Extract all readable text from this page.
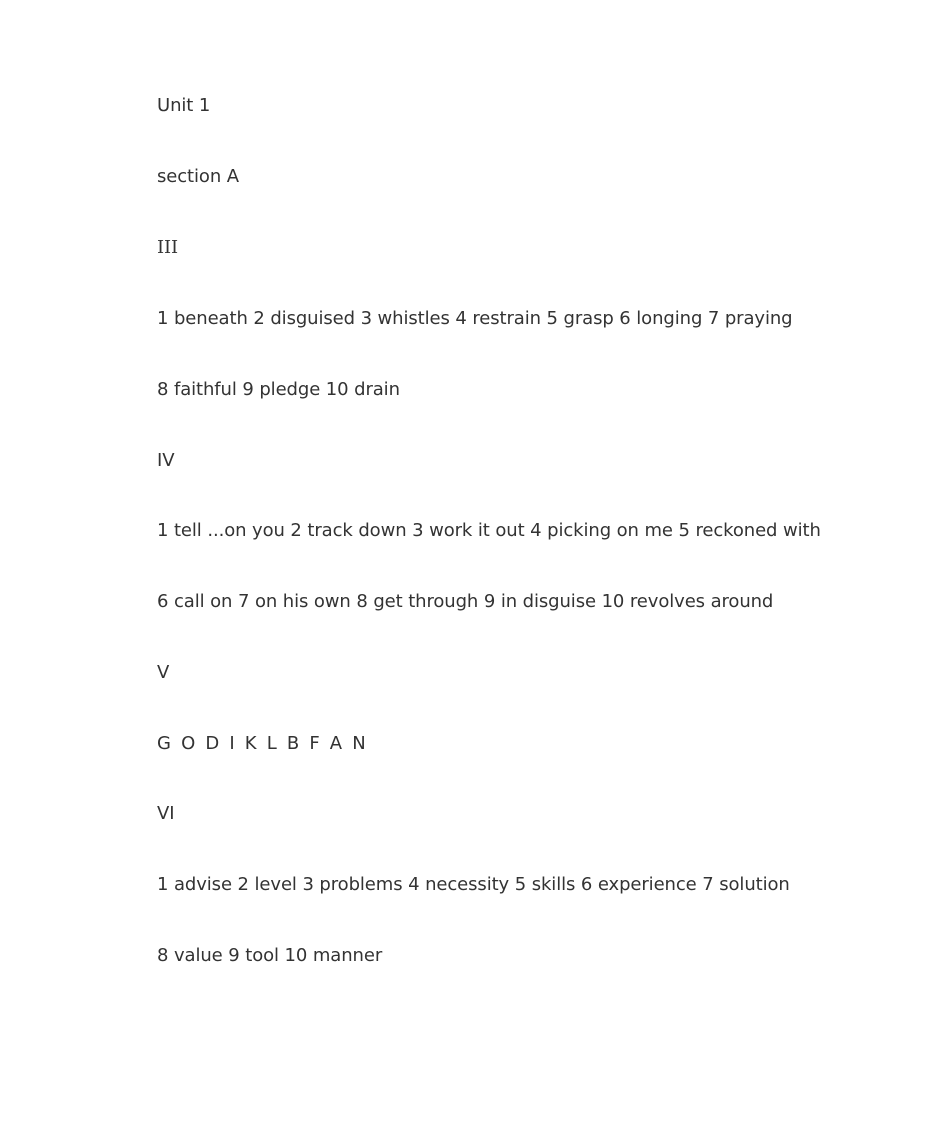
Unit 1
section A
III
1 beneath 2 disguised 3 whistles 4 restrain 5 grasp 6 longing 7 praying
8 faithful 9 pledge 10 drain
IV
1 tell ...on you 2 track down 3 work it out 4 picking on me 5 reckoned with
6 call on 7 on his own 8 get through 9 in disguise 10 revolves around
V
G O D I K L B F A N
VI
1 advise 2 level 3 problems 4 necessity 5 skills 6 experience 7 solution
8 value 9 tool 10 manner
